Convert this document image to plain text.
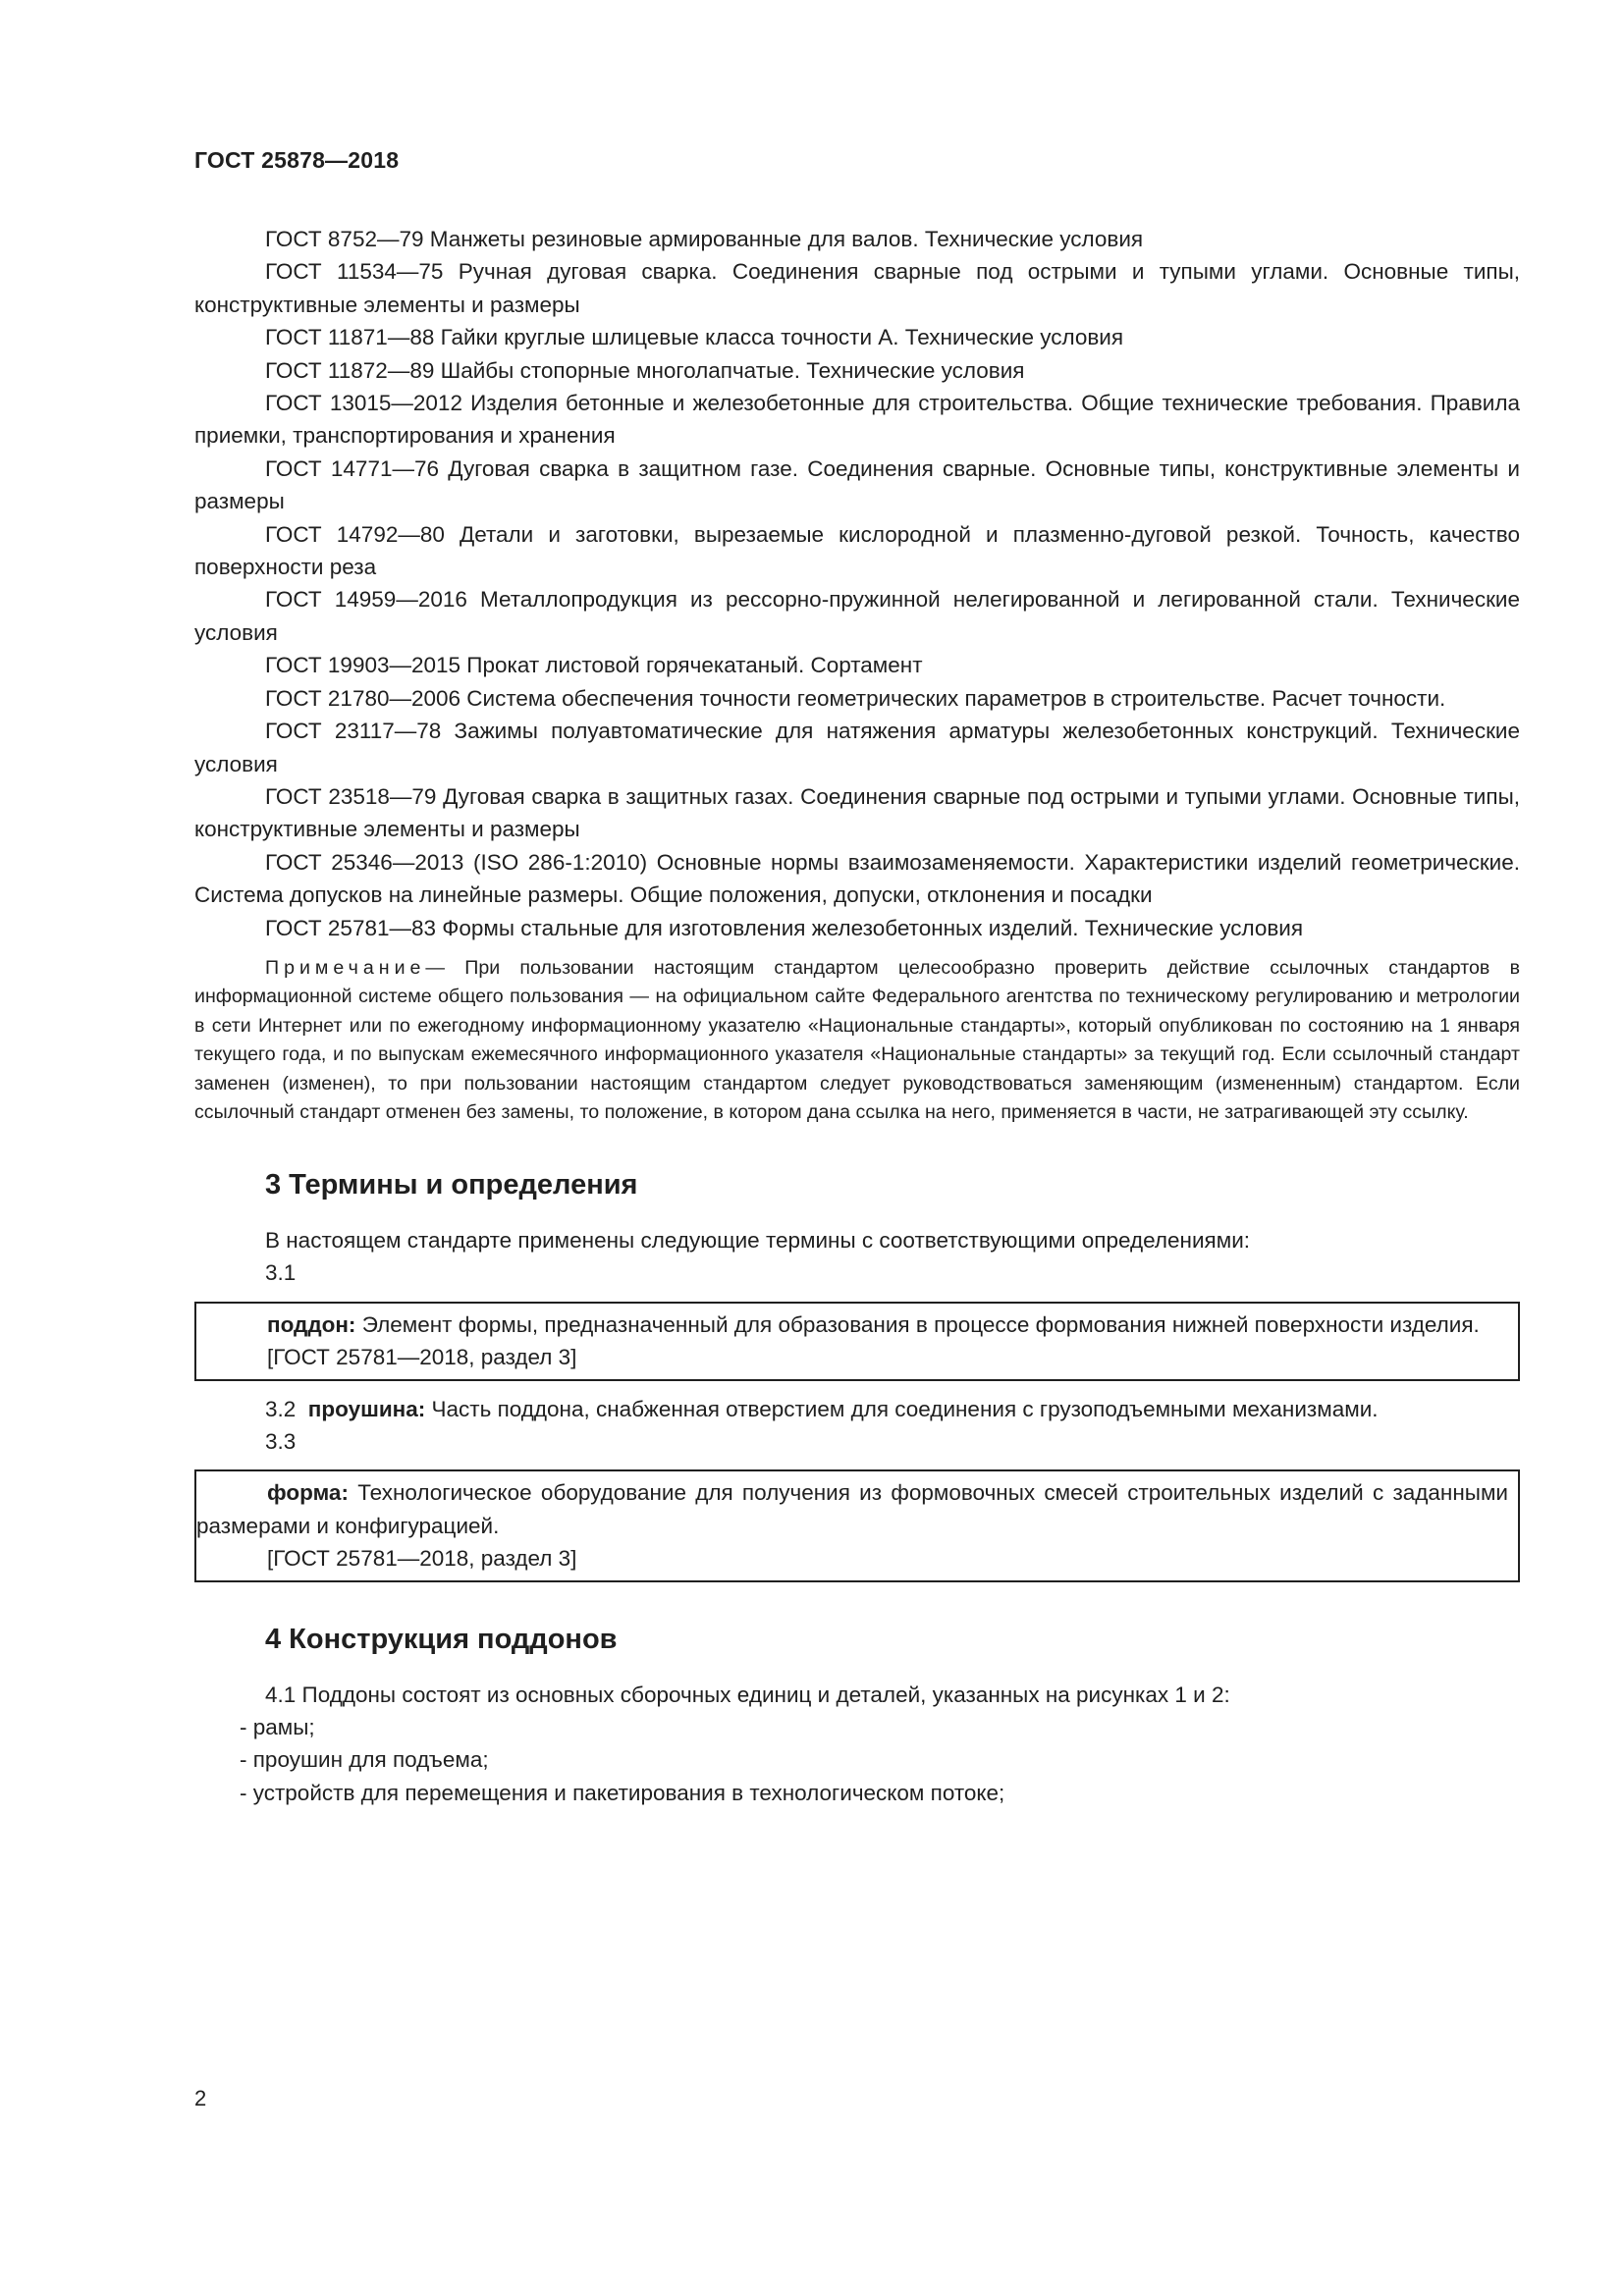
ГОСТ 25878—2018

ГОСТ 8752—79 Манжеты резиновые армированные для валов. Технические условия

ГОСТ 11534—75 Ручная дуговая сварка. Соединения сварные под острыми и тупыми углами. Основные типы, конструктивные элементы и размеры

ГОСТ 11871—88 Гайки круглые шлицевые класса точности А. Технические условия

ГОСТ 11872—89 Шайбы стопорные многолапчатые. Технические условия

ГОСТ 13015—2012 Изделия бетонные и железобетонные для строительства. Общие технические требования. Правила приемки, транспортирования и хранения

ГОСТ 14771—76 Дуговая сварка в защитном газе. Соединения сварные. Основные типы, конструктивные элементы и размеры

ГОСТ 14792—80 Детали и заготовки, вырезаемые кислородной и плазменно-дуговой резкой. Точность, качество поверхности реза

ГОСТ 14959—2016 Металлопродукция из рессорно-пружинной нелегированной и легированной стали. Технические условия

ГОСТ 19903—2015 Прокат листовой горячекатаный. Сортамент

ГОСТ 21780—2006 Система обеспечения точности геометрических параметров в строительстве. Расчет точности.

ГОСТ 23117—78 Зажимы полуавтоматические для натяжения арматуры железобетонных конструкций. Технические условия

ГОСТ 23518—79 Дуговая сварка в защитных газах. Соединения сварные под острыми и тупыми углами. Основные типы, конструктивные элементы и размеры

ГОСТ 25346—2013 (ISO 286-1:2010) Основные нормы взаимозаменяемости. Характеристики изделий геометрические. Система допусков на линейные размеры. Общие положения, допуски, отклонения и посадки

ГОСТ 25781—83 Формы стальные для изготовления железобетонных изделий. Технические условия

Примечание— При пользовании настоящим стандартом целесообразно проверить действие ссылочных стандартов в информационной системе общего пользования — на официальном сайте Федерального агентства по техническому регулированию и метрологии в сети Интернет или по ежегодному информационному указателю «Национальные стандарты», который опубликован по состоянию на 1 января текущего года, и по выпускам ежемесячного информационного указателя «Национальные стандарты» за текущий год. Если ссылочный стандарт заменен (изменен), то при пользовании настоящим стандартом следует руководствоваться заменяющим (измененным) стандартом. Если ссылочный стандарт отменен без замены, то положение, в котором дана ссылка на него, применяется в части, не затрагивающей эту ссылку.

3 Термины и определения

В настоящем стандарте применены следующие термины с соответствующими определениями:

3.1

поддон: Элемент формы, предназначенный для образования в процессе формования нижней поверхности изделия.

[ГОСТ 25781—2018, раздел 3]

3.2 проушина: Часть поддона, снабженная отверстием для соединения с грузоподъемными механизмами.

3.3

форма: Технологическое оборудование для получения из формовочных смесей строительных изделий с заданными размерами и конфигурацией.

[ГОСТ 25781—2018, раздел 3]

4 Конструкция поддонов

4.1 Поддоны состоят из основных сборочных единиц и деталей, указанных на рисунках 1 и 2:

- рамы;

- проушин для подъема;

- устройств для перемещения и пакетирования в технологическом потоке;

2
